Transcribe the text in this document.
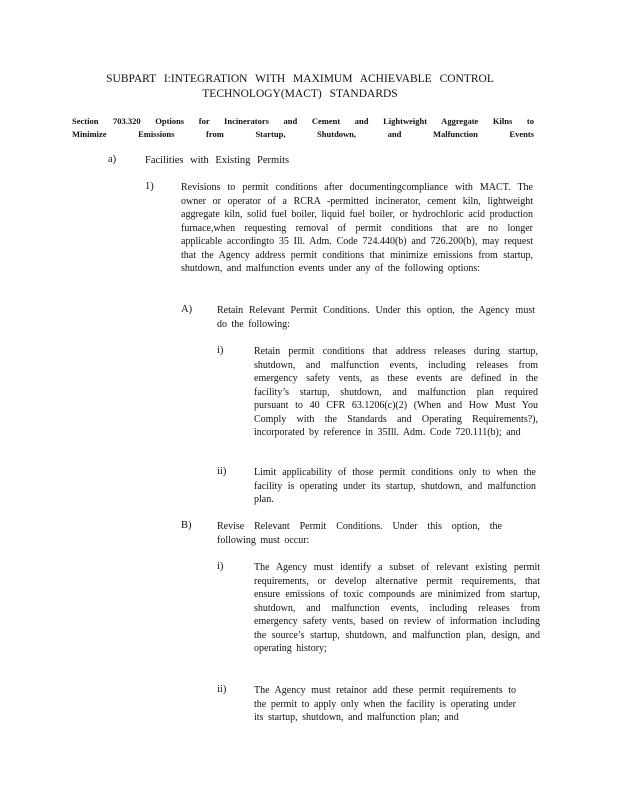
SUBPART I:INTEGRATION WITH MAXIMUM ACHIEVABLE CONTROL
TECHNOLOGY(MACT) STANDARDS
Section 703.320 Options for Incinerators and Cement and Lightweight Aggregate Kilns to
Minimize Emissions from Startup, Shutdown, and Malfunction Events
a)	Facilities with Existing Permits
1)	Revisions to permit conditions after documentingcompliance with MACT. The owner or operator of a RCRA -permitted incinerator, cement kiln, lightweight aggregate kiln, solid fuel boiler, liquid fuel boiler, or hydrochloric acid production furnace,when requesting removal of permit conditions that are no longer applicable accordingto 35 Ill. Adm. Code 724.440(b) and 726.200(b), may request that the Agency address permit conditions that minimize emissions from startup, shutdown, and malfunction events under any of the following options:
A) Retain Relevant Permit Conditions. Under this option, the Agency must do the following:
i)	Retain permit conditions that address releases during startup, shutdown, and malfunction events, including releases from emergency safety vents, as these events are defined in the facility’s startup, shutdown, and malfunction plan required pursuant to 40 CFR 63.1206(c)(2) (When and How Must You Comply with the Standards and Operating Requirements?), incorporated by reference in 35Ill. Adm. Code 720.111(b); and
ii)	Limit applicability of those permit conditions only to when the facility is operating under its startup, shutdown, and malfunction plan.
B)	Revise Relevant Permit Conditions. Under this option, the following must occur:
i)	The Agency must identify a subset of relevant existing permit requirements, or develop alternative permit requirements, that ensure emissions of toxic compounds are minimized from startup, shutdown, and malfunction events, including releases from emergency safety vents, based on review of information including the source’s startup, shutdown, and malfunction plan, design, and operating history;
ii)	The Agency must retainor add these permit requirements to the permit to apply only when the facility is operating under its startup, shutdown, and malfunction plan; and
